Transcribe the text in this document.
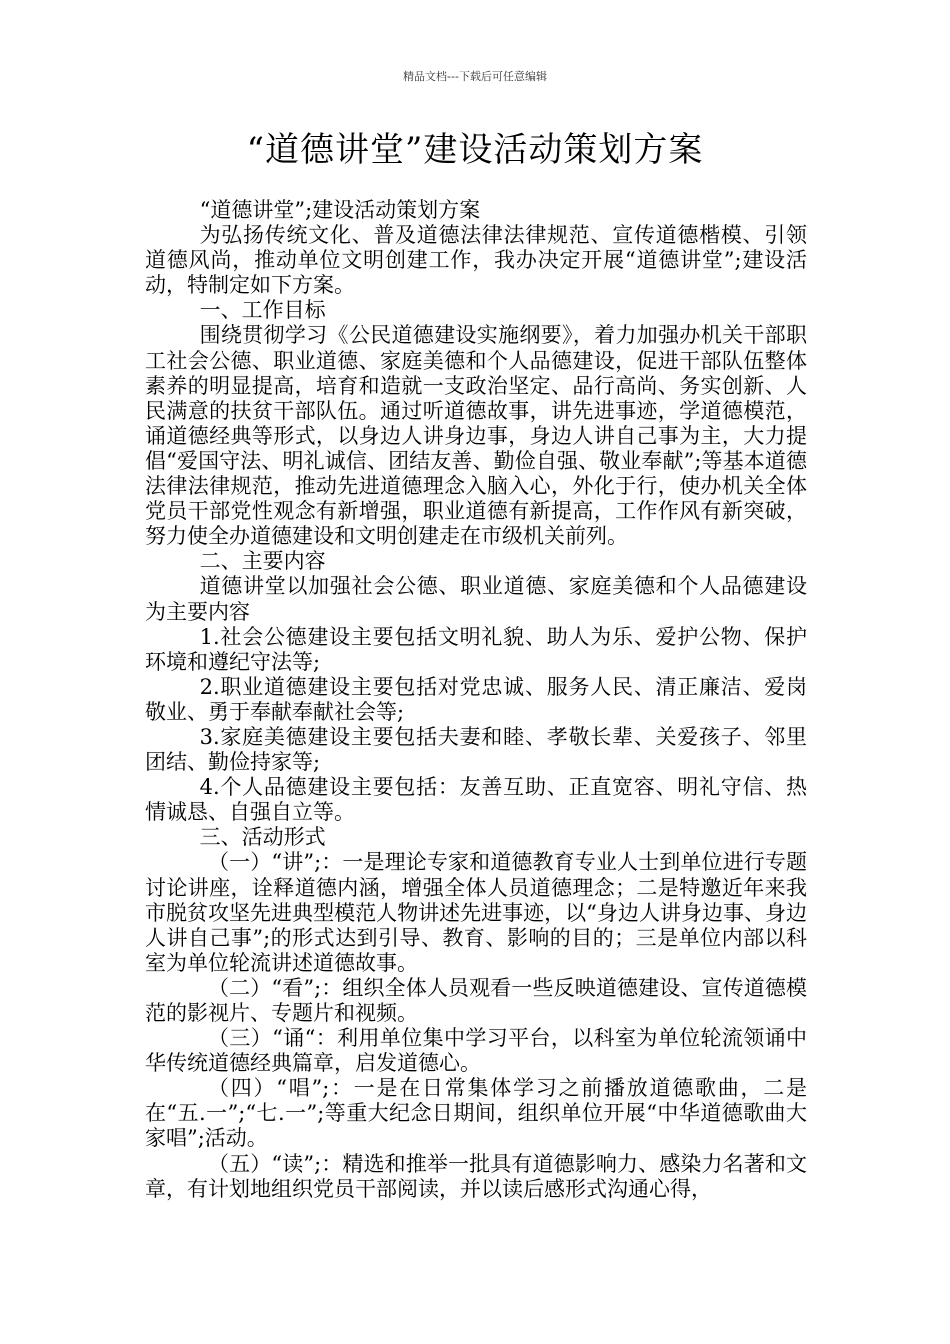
精品文档---下载后可任意编辑
“道德讲堂”建设活动策划方案

“道德讲堂”;建设活动策划方案

为弘扬传统文化、普及道德法律法律规范、宣传道德楷模、引领道德风尚，推动单位文明创建工作，我办决定开展“道德讲堂”;建设活动，特制定如下方案。

一、工作目标

围绕贯彻学习《公民道德建设实施纲要》，着力加强办机关干部职工社会公德、职业道德、家庭美德和个人品德建设，促进干部队伍整体素养的明显提高，培育和造就一支政治坚定、品行高尚、务实创新、人民满意的扶贫干部队伍。通过听道德故事，讲先进事迹，学道德模范，诵道德经典等形式，以身边人讲身边事，身边人讲自己事为主，大力提倡“爱国守法、明礼诚信、团结友善、勤俭自强、敬业奉献”;等基本道德法律法律规范，推动先进道德理念入脑入心，外化于行，使办机关全体党员干部党性观念有新增强，职业道德有新提高，工作作风有新突破，努力使全办道德建设和文明创建走在市级机关前列。

二、主要内容

道德讲堂以加强社会公德、职业道德、家庭美德和个人品德建设为主要内容

1.社会公德建设主要包括文明礼貌、助人为乐、爱护公物、保护环境和遵纪守法等;

2.职业道德建设主要包括对党忠诚、服务人民、清正廉洁、爱岗敬业、勇于奉献奉献社会等;

3.家庭美德建设主要包括夫妻和睦、孝敬长辈、关爱孩子、邻里团结、勤俭持家等;

4.个人品德建设主要包括：友善互助、正直宽容、明礼守信、热情诚恳、自强自立等。

三、活动形式

（一）“讲”;：一是理论专家和道德教育专业人士到单位进行专题讨论讲座，诠释道德内涵，增强全体人员道德理念；二是特邀近年来我市脱贫攻坚先进典型模范人物讲述先进事迹，以“身边人讲身边事、身边人讲自己事”;的形式达到引导、教育、影响的目的；三是单位内部以科室为单位轮流讲述道德故事。

（二）“看”;：组织全体人员观看一些反映道德建设、宣传道德模范的影视片、专题片和视频。

（三）“诵“：利用单位集中学习平台，以科室为单位轮流领诵中华传统道德经典篇章，启发道德心。

（四）“唱”;：一是在日常集体学习之前播放道德歌曲，二是在“五.一”;“七.一”;等重大纪念日期间，组织单位开展“中华道德歌曲大家唱”;活动。

（五）“读”;：精选和推举一批具有道德影响力、感染力名著和文章，有计划地组织党员干部阅读，并以读后感形式沟通心得，
